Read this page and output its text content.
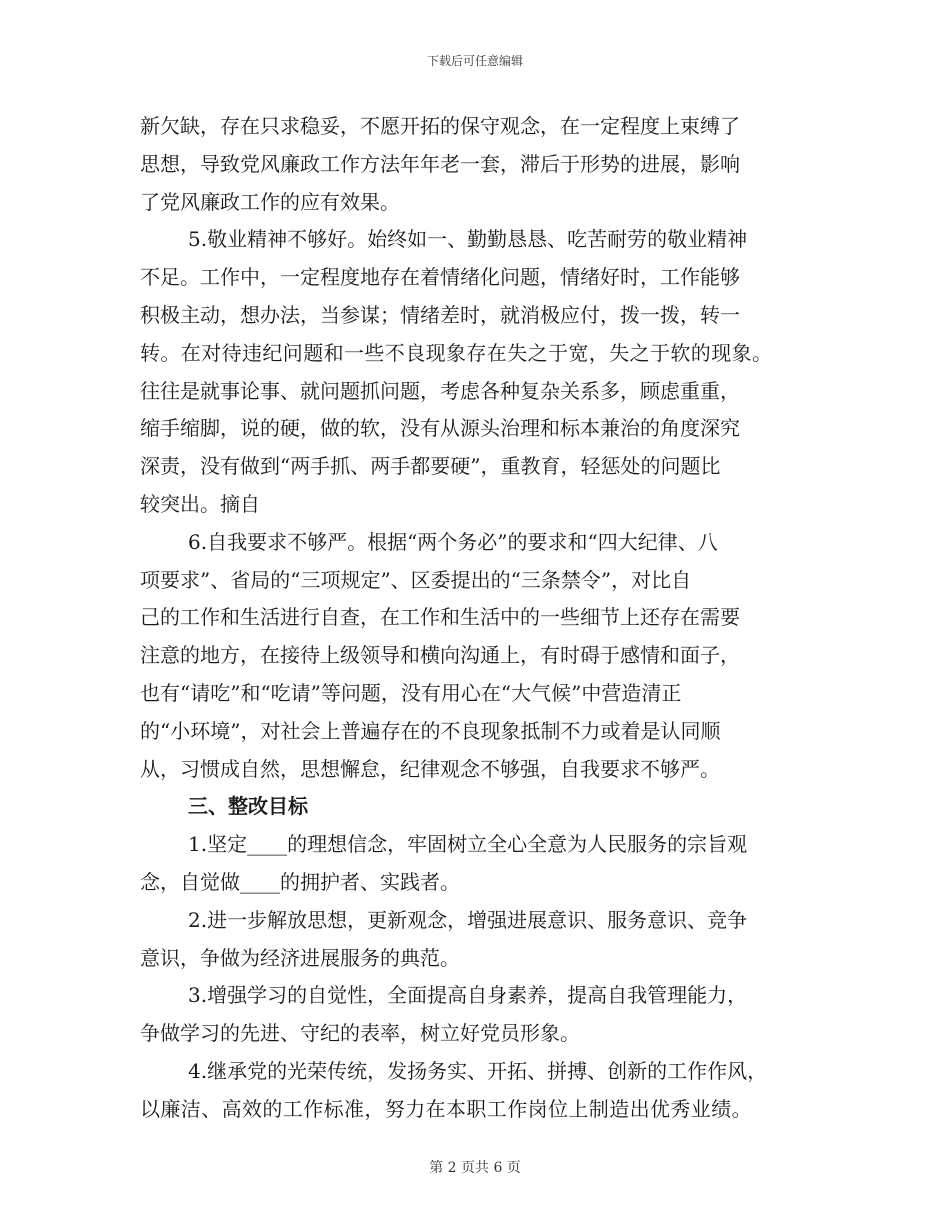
下载后可任意编辑
新欠缺，存在只求稳妥，不愿开拓的保守观念，在一定程度上束缚了
思想，导致党风廉政工作方法年年老一套，滞后于形势的进展，影响
了党风廉政工作的应有效果。
5.敬业精神不够好。始终如一、勤勤恳恳、吃苦耐劳的敬业精神
不足。工作中，一定程度地存在着情绪化问题，情绪好时，工作能够
积极主动，想办法，当参谋；情绪差时，就消极应付，拨一拨，转一
转。在对待违纪问题和一些不良现象存在失之于宽，失之于软的现象。
往往是就事论事、就问题抓问题，考虑各种复杂关系多，顾虑重重，
缩手缩脚，说的硬，做的软，没有从源头治理和标本兼治的角度深究
深责，没有做到“两手抓、两手都要硬”，重教育，轻惩处的问题比
较突出。摘自
6.自我要求不够严。根据“两个务必”的要求和“四大纪律、八
项要求”、省局的“三项规定”、区委提出的“三条禁令”，对比自
己的工作和生活进行自查，在工作和生活中的一些细节上还存在需要
注意的地方，在接待上级领导和横向沟通上，有时碍于感情和面子，
也有“请吃”和“吃请”等问题，没有用心在“大气候”中营造清正
的“小环境”，对社会上普遍存在的不良现象抵制不力或着是认同顺
从，习惯成自然，思想懈怠，纪律观念不够强，自我要求不够严。
三、整改目标
1.坚定____的理想信念，牢固树立全心全意为人民服务的宗旨观
念，自觉做____的拥护者、实践者。
2.进一步解放思想，更新观念，增强进展意识、服务意识、竞争
意识，争做为经济进展服务的典范。
3.增强学习的自觉性，全面提高自身素养，提高自我管理能力，
争做学习的先进、守纪的表率，树立好党员形象。
4.继承党的光荣传统，发扬务实、开拓、拼搏、创新的工作作风，
以廉洁、高效的工作标准，努力在本职工作岗位上制造出优秀业绩。
第 2 页共 6 页
